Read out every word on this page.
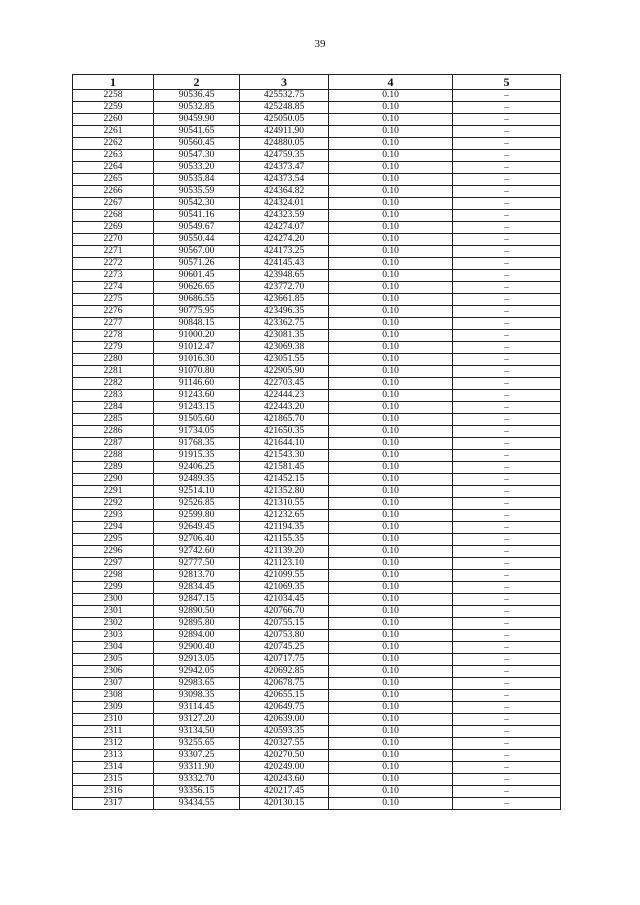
39
1	2	3	4	5
2258	90536.45	425532.75	0.10	–
2259	90532.85	425248.85	0.10	–
2260	90459.90	425050.05	0.10	–
2261	90541.65	424911.90	0.10	–
2262	90560.45	424880.05	0.10	–
2263	90547.30	424759.35	0.10	–
2264	90533.20	424373.47	0.10	–
2265	90535.84	424373.54	0.10	–
2266	90535.59	424364.82	0.10	–
2267	90542.30	424324.01	0.10	–
2268	90541.16	424323.59	0.10	–
2269	90549.67	424274.07	0.10	–
2270	90550.44	424274.20	0.10	–
2271	90567.00	424173.25	0.10	–
2272	90571.26	424145.43	0.10	–
2273	90601.45	423948.65	0.10	–
2274	90626.65	423772.70	0.10	–
2275	90686.55	423661.85	0.10	–
2276	90775.95	423496.35	0.10	–
2277	90848.15	423362.75	0.10	–
2278	91000.20	423081.35	0.10	–
2279	91012.47	423069.38	0.10	–
2280	91016.30	423051.55	0.10	–
2281	91070.80	422905.90	0.10	–
2282	91146.60	422703.45	0.10	–
2283	91243.60	422444.23	0.10	–
2284	91243.15	422443.20	0.10	–
2285	91505.60	421865.70	0.10	–
2286	91734.05	421650.35	0.10	–
2287	91768.35	421644.10	0.10	–
2288	91915.35	421543.30	0.10	–
2289	92406.25	421581.45	0.10	–
2290	92489.35	421452.15	0.10	–
2291	92514.10	421352.80	0.10	–
2292	92526.85	421310.55	0.10	–
2293	92599.80	421232.65	0.10	–
2294	92649.45	421194.35	0.10	–
2295	92706.40	421155.35	0.10	–
2296	92742.60	421139.20	0.10	–
2297	92777.50	421123.10	0.10	–
2298	92813.70	421099.55	0.10	–
2299	92834.45	421069.35	0.10	–
2300	92847.15	421034.45	0.10	–
2301	92890.50	420766.70	0.10	–
2302	92895.80	420755.15	0.10	–
2303	92894.00	420753.80	0.10	–
2304	92900.40	420745.25	0.10	–
2305	92913.05	420717.75	0.10	–
2306	92942.05	420692.85	0.10	–
2307	92983.65	420678.75	0.10	–
2308	93098.35	420655.15	0.10	–
2309	93114.45	420649.75	0.10	–
2310	93127.20	420639.00	0.10	–
2311	93134.50	420593.35	0.10	–
2312	93255.65	420327.55	0.10	–
2313	93307.25	420270.50	0.10	–
2314	93311.90	420249.00	0.10	–
2315	93332.70	420243.60	0.10	–
2316	93356.15	420217.45	0.10	–
2317	93434.55	420130.15	0.10	–
